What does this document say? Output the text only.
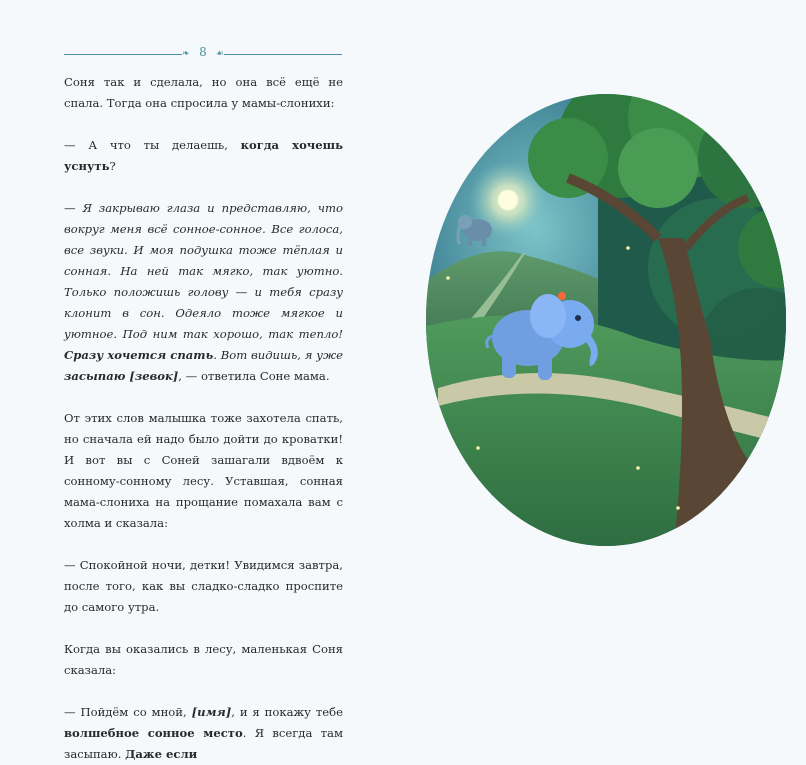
❧ 8	☙

Соня так и сделала, но она всё ещё не спала. Тогда она спросила у мамы-слонихи:

— А что ты делаешь, когда хочешь уснуть?

— Я закрываю глаза и представляю, что вокруг меня всё сонное-сонное. Все голоса, все звуки. И моя подушка тоже тёплая и сонная. На ней так мягко, так уютно. Только положишь голову — и тебя сразу клонит в сон. Одеяло тоже мягкое и уютное. Под ним так хорошо, так тепло! Сразу хочется спать. Вот видишь, я уже засыпаю [зевок], — ответила Соне мама.

От этих слов малышка тоже захотела спать, но сначала ей надо было дойти до кроватки! И вот вы с Соней зашагали вдвоём к сонному-сонному лесу. Уставшая, сонная мама-слониха на прощание помахала вам с холма и сказала:

— Спокойной ночи, детки! Увидимся завтра, после того, как вы сладко-сладко проспите до самого утра.

Когда вы оказались в лесу, маленькая Соня сказала:

— Пойдём со мной, [имя], и я покажу тебе волшебное сонное место. Я всегда там засыпаю. Даже если
